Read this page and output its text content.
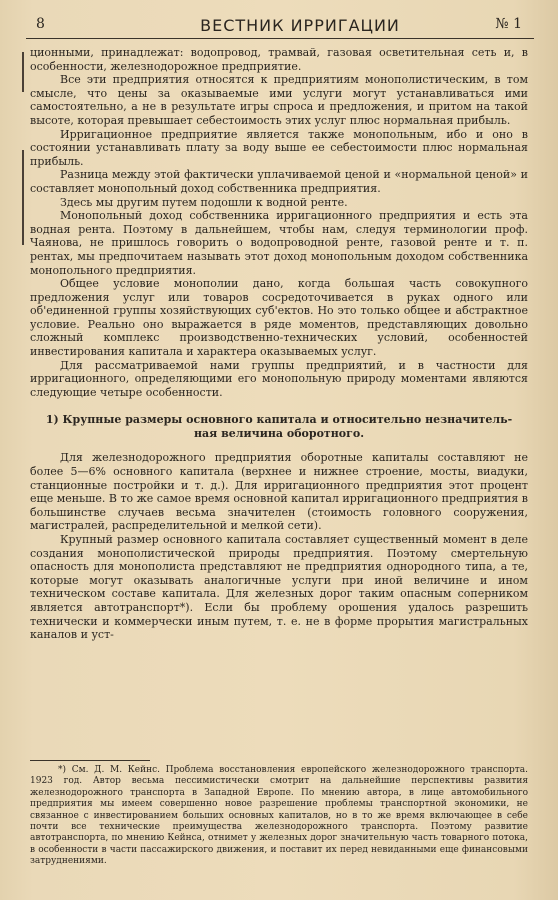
8	ВЕСТНИК ИРРИГАЦИИ	№ 1

ционными, принадлежат: водопровод, трамвай, газовая осветительная сеть и, в особенности, железнодорожное предприятие.

Все эти предприятия относятся к предприятиям монополистическим, в том смысле, что цены за оказываемые ими услуги могут устанавливаться ими самостоятельно, а не в результате игры спроса и предложения, и притом на такой высоте, которая превышает себестоимость этих услуг плюс нормальная прибыль.

Ирригационное предприятие является также монопольным, ибо и оно в состоянии устанавливать плату за воду выше ее себестоимости плюс нормальная прибыль.

Разница между этой фактически уплачиваемой ценой и «нормальной ценой» и составляет монопольный доход собственника предприятия.

Здесь мы другим путем подошли к водной ренте.

Монопольный доход собственника ирригационного предприятия и есть эта водная рента. Поэтому в дальнейшем, чтобы нам, следуя терминологии проф. Чаянова, не пришлось говорить о водопроводной ренте, газовой ренте и т. п. рентах, мы предпочитаем называть этот доход монопольным доходом собственника монопольного предприятия.

Общее условие монополии дано, когда большая часть совокупного предложения услуг или товаров сосредоточивается в руках одного или об'единенной группы хозяйствующих суб'ектов. Но это только общее и абстрактное условие. Реально оно выражается в ряде моментов, представляющих довольно сложный комплекс производственно-технических условий, особенностей инвестирования капитала и характера оказываемых услуг.

Для рассматриваемой нами группы предприятий, и в частности для ирригационного, определяющими его монопольную природу моментами являются следующие четыре особенности.

1) Крупные размеры основного капитала и относительно незначитель-
ная величина оборотного.

Для железнодорожного предприятия оборотные капиталы составляют не более 5—6% основного капитала (верхнее и нижнее строение, мосты, виадуки, станционные постройки и т. д.). Для ирригационного предприятия этот процент еще меньше. В то же самое время основной капитал ирригационного предприятия в большинстве случаев весьма значителен (стоимость головного сооружения, магистралей, распределительной и мелкой сети).

Крупный размер основного капитала составляет существенный момент в деле создания монополистической природы предприятия. Поэтому смертельную опасность для монополиста представляют не предприятия однородного типа, а те, которые могут оказывать аналогичные услуги при иной величине и ином техническом составе капитала. Для железных дорог таким опасным соперником является автотранспорт*). Если бы проблему орошения удалось разрешить технически и коммерчески иным путем, т. е. не в форме прорытия магистральных каналов и уст-

*) См. Д. М. Кейнс. Проблема восстановления европейского железнодорожного транспорта. 1923 год. Автор весьма пессимистически смотрит на дальнейшие перспективы развития железнодорожного транспорта в Западной Европе. По мнению автора, в лице автомобильного предприятия мы имеем совершенно новое разрешение проблемы транспортной экономики, не связанное с инвестированием больших основных капиталов, но в то же время включающее в себе почти все технические преимущества железнодорожного транспорта. Поэтому развитие автотранспорта, по мнению Кейнса, отнимет у железных дорог значительную часть товарного потока, в особенности в части пассажирского движения, и поставит их перед невиданными еще финансовыми затруднениями.
